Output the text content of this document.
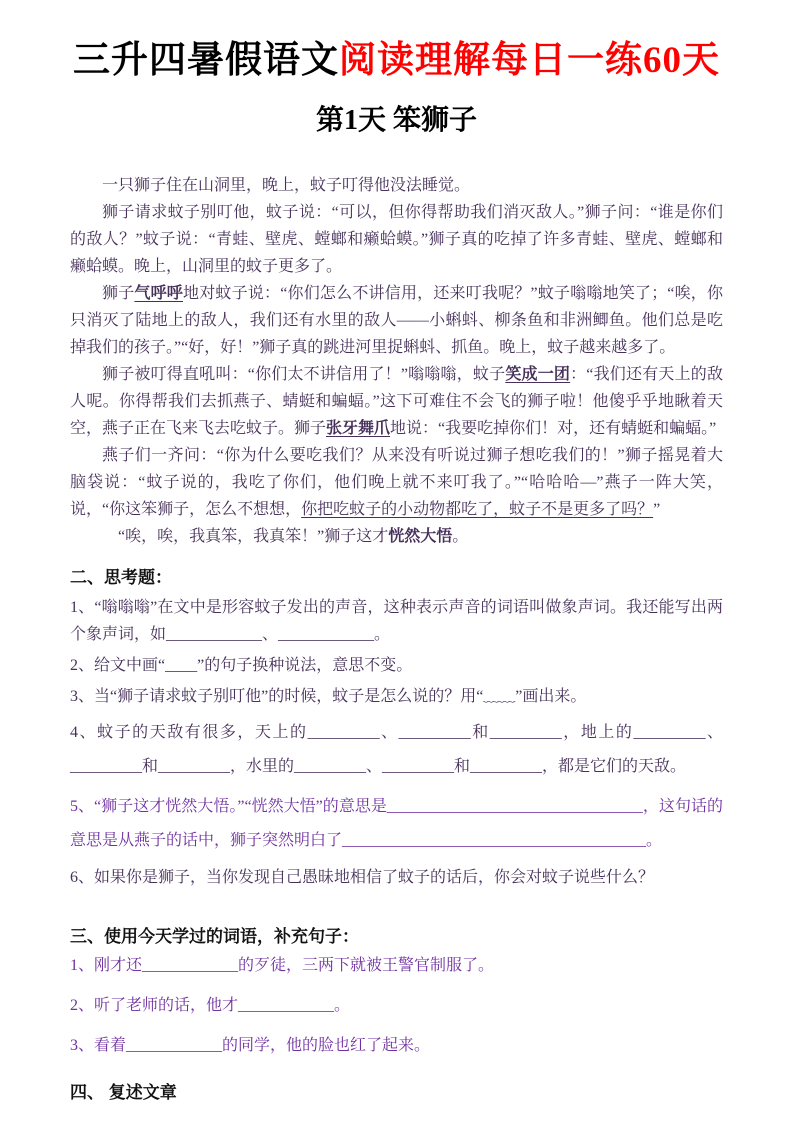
三升四暑假语文阅读理解每日一练60天
第1天 笨狮子

一只狮子住在山洞里，晚上，蚊子叮得他没法睡觉。

狮子请求蚊子别叮他，蚊子说：“可以，但你得帮助我们消灭敌人。”狮子问：“谁是你们的敌人？”蚊子说：“青蛙、壁虎、螳螂和癞蛤蟆。”狮子真的吃掉了许多青蛙、壁虎、螳螂和癞蛤蟆。晚上，山洞里的蚊子更多了。

狮子气呼呼地对蚊子说：“你们怎么不讲信用，还来叮我呢？”蚊子嗡嗡地笑了；“唉，你只消灭了陆地上的敌人，我们还有水里的敌人——小蝌蚪、柳条鱼和非洲鲫鱼。他们总是吃掉我们的孩子。”“好，好！”狮子真的跳进河里捉蝌蚪、抓鱼。晚上，蚊子越来越多了。

狮子被叮得直吼叫：“你们太不讲信用了！”嗡嗡嗡，蚊子笑成一团：“我们还有天上的敌人呢。你得帮我们去抓燕子、蜻蜓和蝙蝠。”这下可难住不会飞的狮子啦！他傻乎乎地瞅着天空，燕子正在飞来飞去吃蚊子。狮子张牙舞爪地说：“我要吃掉你们！对，还有蜻蜓和蝙蝠。”

燕子们一齐问：“你为什么要吃我们？从来没有听说过狮子想吃我们的！”狮子摇晃着大脑袋说：“蚊子说的，我吃了你们，他们晚上就不来叮我了。”“哈哈哈—”燕子一阵大笑，说，“你这笨狮子，怎么不想想，你把吃蚊子的小动物都吃了，蚊子不是更多了吗？”

“唉，唉，我真笨，我真笨！”狮子这才恍然大悟。

二、思考题：

1、“嗡嗡嗡”在文中是形容蚊子发出的声音，这种表示声音的词语叫做象声词。我还能写出两个象声词，如____________、____________。

2、给文中画“____”的句子换种说法，意思不变。

3、当“狮子请求蚊子别叮他”的时候，蚊子是怎么说的？用“﹏﹏”画出来。

4、蚊子的天敌有很多，天上的_________、_________和_________，地上的_________、_________和_________，水里的_________、_________和_________，都是它们的天敌。

5、“狮子这才恍然大悟。”“恍然大悟”的意思是________________________________，这句话的意思是从燕子的话中，狮子突然明白了______________________________________。

6、如果你是狮子，当你发现自己愚昧地相信了蚊子的话后，你会对蚊子说些什么？

三、使用今天学过的词语，补充句子：

1、刚才还____________的歹徒，三两下就被王警官制服了。

2、听了老师的话，他才____________。

3、看着____________的同学，他的脸也红了起来。

四、 复述文章
